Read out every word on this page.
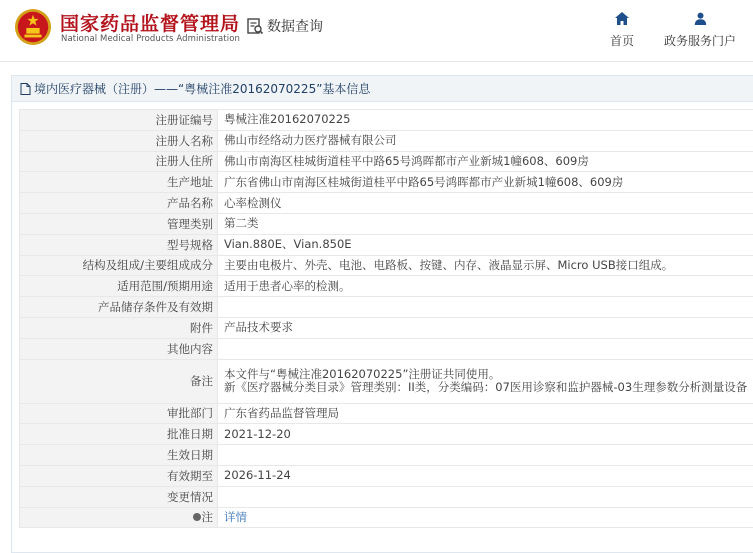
国家药品监督管理局
National Medical Products Administration
数据查询
首页	政务服务门户
境内医疗器械（注册）——“粤械注准20162070225”基本信息
注册证编号	粤械注准20162070225
注册人名称	佛山市经络动力医疗器械有限公司
注册人住所	佛山市南海区桂城街道桂平中路65号鸿晖都市产业新城1幢608、609房
生产地址	广东省佛山市南海区桂城街道桂平中路65号鸿晖都市产业新城1幢608、609房
产品名称	心率检测仪
管理类别	第二类
型号规格	Vian.880E、Vian.850E
结构及组成/主要组成成分	主要由电极片、外壳、电池、电路板、按键、内存、液晶显示屏、Micro USB接口组成。
适用范围/预期用途	适用于患者心率的检测。
产品储存条件及有效期	
附件	产品技术要求
其他内容	
备注	本文件与“粤械注准20162070225”注册证共同使用。
新《医疗器械分类目录》管理类别：II类，分类编码：07医用诊察和监护器械-03生理参数分析测量设备

审批部门	广东省药品监督管理局
批准日期	2021-12-20
生效日期	
有效期至	2026-11-24
变更情况	

注	详情
